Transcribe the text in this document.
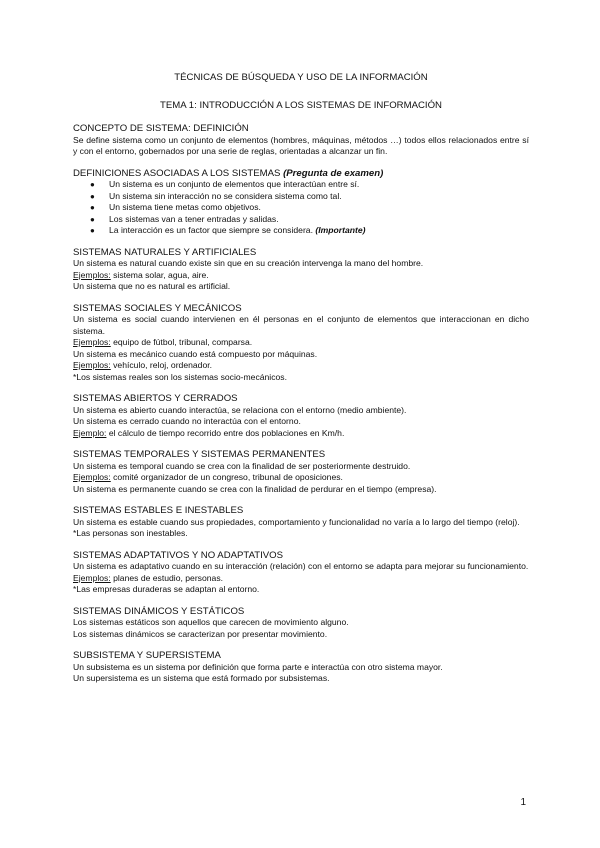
TÉCNICAS DE BÚSQUEDA Y USO DE LA INFORMACIÓN

TEMA 1: INTRODUCCIÓN A LOS SISTEMAS DE INFORMACIÓN

CONCEPTO DE SISTEMA: DEFINICIÓN

Se define sistema como un conjunto de elementos (hombres, máquinas, métodos …) todos ellos relacionados entre sí y con el entorno, gobernados por una serie de reglas, orientadas a alcanzar un fin.

DEFINICIONES ASOCIADAS A LOS SISTEMAS (Pregunta de examen)

● Un sistema es un conjunto de elementos que interactúan entre sí.
● Un sistema sin interacción no se considera sistema como tal.
● Un sistema tiene metas como objetivos.
● Los sistemas van a tener entradas y salidas.
● La interacción es un factor que siempre se considera. (Importante)

SISTEMAS NATURALES Y ARTIFICIALES

Un sistema es natural cuando existe sin que en su creación intervenga la mano del hombre.

Ejemplos: sistema solar, agua, aire.

Un sistema que no es natural es artificial.

SISTEMAS SOCIALES Y MECÁNICOS

Un sistema es social cuando intervienen en él personas en el conjunto de elementos que interaccionan en dicho sistema.

Ejemplos: equipo de fútbol, tribunal, comparsa.

Un sistema es mecánico cuando está compuesto por máquinas.

Ejemplos: vehículo, reloj, ordenador.

*Los sistemas reales son los sistemas socio-mecánicos.

SISTEMAS ABIERTOS Y CERRADOS

Un sistema es abierto cuando interactúa, se relaciona con el entorno (medio ambiente).

Un sistema es cerrado cuando no interactúa con el entorno.

Ejemplo: el cálculo de tiempo recorrido entre dos poblaciones en Km/h.

SISTEMAS TEMPORALES Y SISTEMAS PERMANENTES

Un sistema es temporal cuando se crea con la finalidad de ser posteriormente destruido.

Ejemplos: comité organizador de un congreso, tribunal de oposiciones.

Un sistema es permanente cuando se crea con la finalidad de perdurar en el tiempo (empresa).

SISTEMAS ESTABLES E INESTABLES

Un sistema es estable cuando sus propiedades, comportamiento y funcionalidad no varía a lo largo del tiempo (reloj).

*Las personas son inestables.

SISTEMAS ADAPTATIVOS Y NO ADAPTATIVOS

Un sistema es adaptativo cuando en su interacción (relación) con el entorno se adapta para mejorar su funcionamiento.

Ejemplos: planes de estudio, personas.

*Las empresas duraderas se adaptan al entorno.

SISTEMAS DINÁMICOS Y ESTÁTICOS

Los sistemas estáticos son aquellos que carecen de movimiento alguno.

Los sistemas dinámicos se caracterizan por presentar movimiento.

SUBSISTEMA Y SUPERSISTEMA

Un subsistema es un sistema por definición que forma parte e interactúa con otro sistema mayor.

Un supersistema es un sistema que está formado por subsistemas.

1
